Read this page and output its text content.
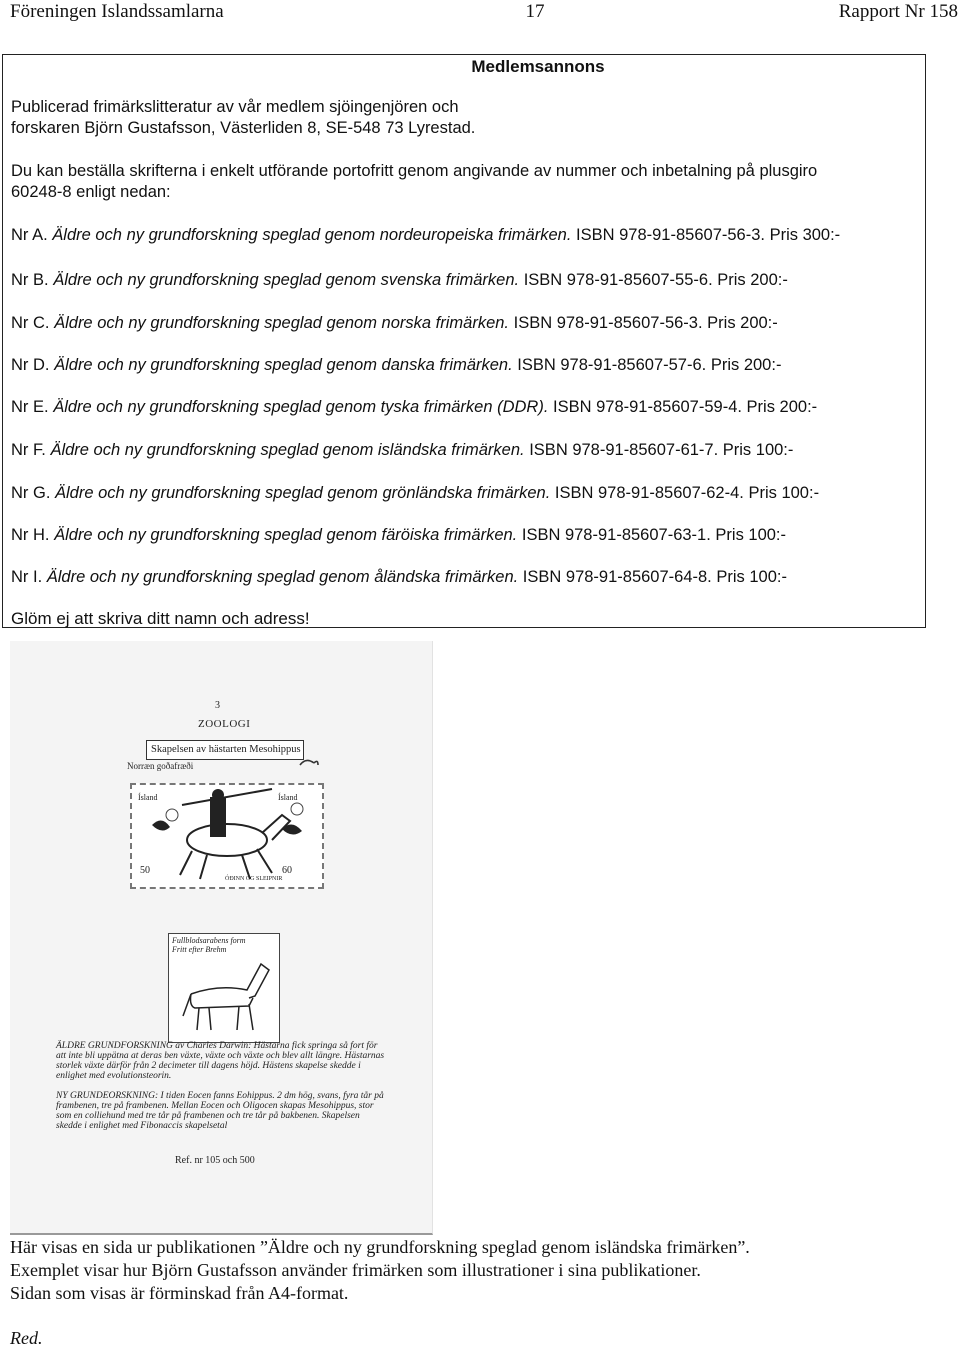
Föreningen Islandssamlarna	17	Rapport Nr 158
Medlemsannons
Publicerad frimärkslitteratur av vår medlem sjöingenjören och
forskaren Björn Gustafsson, Västerliden 8, SE-548 73 Lyrestad.
Du kan beställa skrifterna i enkelt utförande portofritt genom angivande av nummer och inbetalning på plusgiro
60248-8 enligt nedan:
Nr A. Äldre och ny grundforskning speglad genom nordeuropeiska frimärken. ISBN 978-91-85607-56-3. Pris 300:-
Nr B. Äldre och ny grundforskning speglad genom svenska frimärken. ISBN 978-91-85607-55-6. Pris 200:-
Nr C. Äldre och ny grundforskning speglad genom norska frimärken. ISBN 978-91-85607-56-3. Pris 200:-
Nr D. Äldre och ny grundforskning speglad genom danska frimärken. ISBN 978-91-85607-57-6. Pris 200:-
Nr E. Äldre och ny grundforskning speglad genom tyska frimärken (DDR). ISBN 978-91-85607-59-4. Pris 200:-
Nr F. Äldre och ny grundforskning speglad genom isländska frimärken. ISBN 978-91-85607-61-7. Pris 100:-
Nr G. Äldre och ny grundforskning speglad genom grönländska frimärken. ISBN 978-91-85607-62-4. Pris 100:-
Nr H. Äldre och ny grundforskning speglad genom färöiska frimärken. ISBN 978-91-85607-63-1. Pris 100:-
Nr I. Äldre och ny grundforskning speglad genom åländska frimärken. ISBN 978-91-85607-64-8. Pris 100:-
Glöm ej att skriva ditt namn och adress!
3
ZOOLOGI
Skapelsen av hästarten Mesohippus
Norræn goðafræði
Ísland	Ísland
50	60
ÓÐINN OG SLEIPNIR
Fullblodsarabens form
Fritt efter Brehm
ÄLDRE GRUNDFORSKNING av Charles Darwin: Hästarna fick springa så fort för att inte bli uppätna at deras ben växte, växte och växte och blev allt längre. Hästarnas storlek växte därför från 2 decimeter till dagens höjd. Hästens skapelse skedde i enlighet med evolutionsteorin.
NY GRUNDEORSKNING: I tiden Eocen fanns Eohippus. 2 dm hög, svans, fyra tår på frambenen, tre på frambenen. Mellan Eocen och Oligocen skapas Mesohippus, stor som en colliehund med tre tår på frambenen och tre tår på bakbenen. Skapelsen skedde i enlighet med Fibonaccis skapelsetal
Ref. nr 105 och 500
Här visas en sida ur publikationen ”Äldre och ny grundforskning speglad genom isländska frimärken”.
Exemplet visar hur Björn Gustafsson använder frimärken som illustrationer i sina publikationer.
Sidan som visas är förminskad från A4-format.
Red.
